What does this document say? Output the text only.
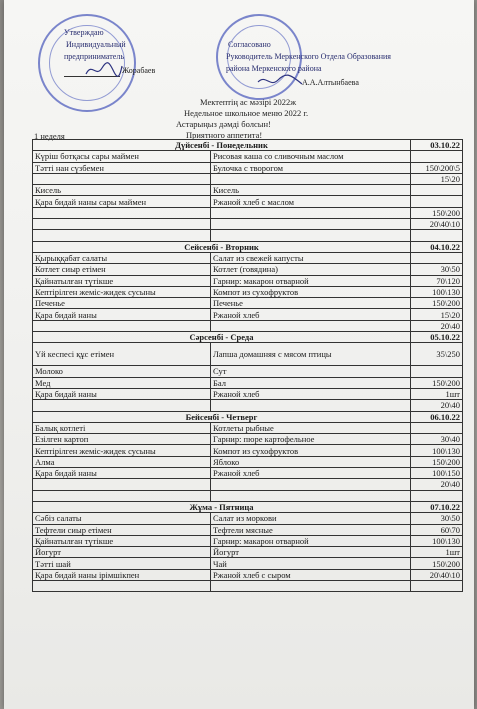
Утверждаю
Индивидуальный
предприниматель
Жорабаев
Согласовано
Руководитель Меркенского Отдела Образования
района Меркенского района
А.А.Алтынбаева
Мектептің ас мәзірі 2022ж
Недельное школьное меню 2022 г.
Астарыңыз дәмді болсын!
Приятного аппетита!
1 неделя
Дүйсенбі - Понедельник		03.10.22
Күріш ботқасы сары маймен	Рисовая каша со сливочным маслом	
Тәтті нан сүзбемен	Булочка с творогом	150\200\5
		15\20
Кисель	Кисель	
Қара бидай наны сары маймен	Ржаной хлеб с маслом	
		150\200
		20\40\10

Сейсенбі - Вторник		04.10.22
Қырыққабат салаты	Салат из свежей капусты	
Котлет сиыр етімен	Котлет (говядина)	30\50
Қайнатылған түтікше	Гарнир: макарон отварной	70\120
Кептірілген жеміс-жидек сусыны	Компот из сухофруктов	100\130
Печенье	Печенье	150\200
Қара бидай наны	Ржаной хлеб	15\20
		20\40
Сәрсенбі - Среда		05.10.22
Үй кеспесі құс етімен	Лапша домашняя с мясом птицы	35\250
Молоко	Сут	
Мед	Бал	150\200
Қара бидай наны	Ржаной хлеб	1шт
		20\40
Бейсенбі - Четверг		06.10.22
Балық котлеті	Котлеты рыбные	
Езілген картоп	Гарнир: пюре картофельное	30\40
Кептірілген жеміс-жидек сусыны	Компот из сухофруктов	100\130
Алма	Яблоко	150\200
Қара бидай наны	Ржаной хлеб	100\150
		20\40

Жұма - Пятница		07.10.22
Сәбіз салаты	Салат из моркови	30\50
Тефтели сиыр етімен	Тефтели мясные	60\70
Қайнатылған түтікше	Гарнир: макарон отварной	100\130
Йогурт	Йогурт	1шт
Тәтті шай	Чай	150\200
Қара бидай наны ірімшікпен	Ржаной хлеб с сыром	20\40\10
